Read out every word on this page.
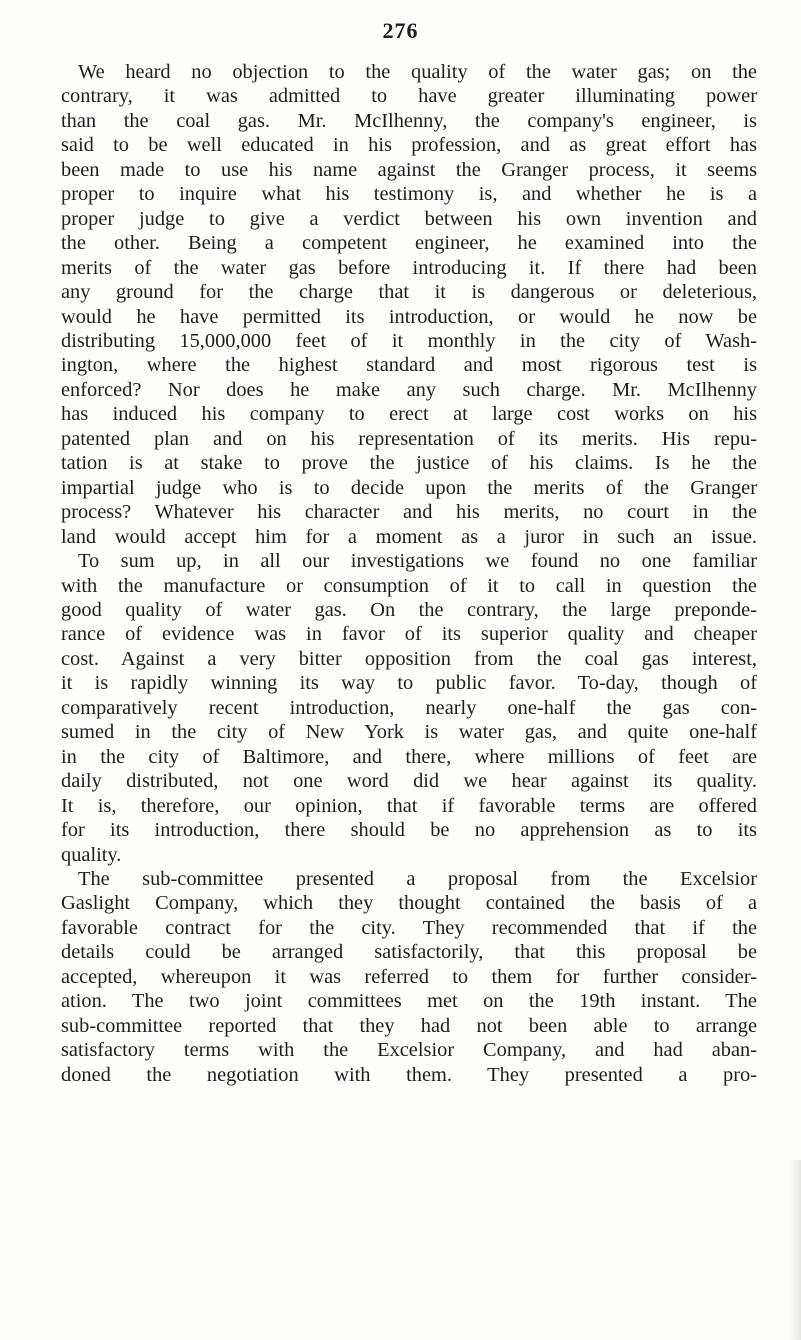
276
We heard no objection to the quality of the water gas; on the
contrary, it was admitted to have greater illuminating power
than the coal gas. Mr. McIlhenny, the company's engineer, is
said to be well educated in his profession, and as great effort has
been made to use his name against the Granger process, it seems
proper to inquire what his testimony is, and whether he is a
proper judge to give a verdict between his own invention and
the other. Being a competent engineer, he examined into the
merits of the water gas before introducing it. If there had been
any ground for the charge that it is dangerous or deleterious,
would he have permitted its introduction, or would he now be
distributing 15,000,000 feet of it monthly in the city of Wash-
ington, where the highest standard and most rigorous test is
enforced? Nor does he make any such charge. Mr. McIlhenny
has induced his company to erect at large cost works on his
patented plan and on his representation of its merits. His repu-
tation is at stake to prove the justice of his claims. Is he the
impartial judge who is to decide upon the merits of the Granger
process? Whatever his character and his merits, no court in the
land would accept him for a moment as a juror in such an issue.
To sum up, in all our investigations we found no one familiar
with the manufacture or consumption of it to call in question the
good quality of water gas. On the contrary, the large preponde-
rance of evidence was in favor of its superior quality and cheaper
cost. Against a very bitter opposition from the coal gas interest,
it is rapidly winning its way to public favor. To-day, though of
comparatively recent introduction, nearly one-half the gas con-
sumed in the city of New York is water gas, and quite one-half
in the city of Baltimore, and there, where millions of feet are
daily distributed, not one word did we hear against its quality.
It is, therefore, our opinion, that if favorable terms are offered
for its introduction, there should be no apprehension as to its
quality.
The sub-committee presented a proposal from the Excelsior
Gaslight Company, which they thought contained the basis of a
favorable contract for the city. They recommended that if the
details could be arranged satisfactorily, that this proposal be
accepted, whereupon it was referred to them for further consider-
ation. The two joint committees met on the 19th instant. The
sub-committee reported that they had not been able to arrange
satisfactory terms with the Excelsior Company, and had aban-
doned the negotiation with them. They presented a pro-
